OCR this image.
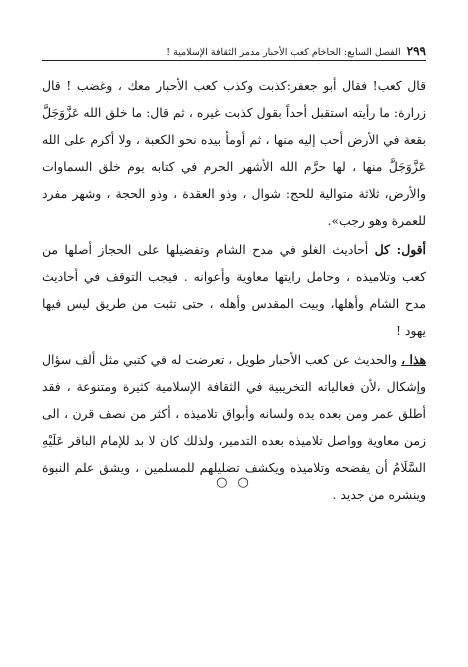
٢٩٩
الفصل السابع: الحاخام كعب الأحبار مدمر الثقافة الإسلامية !

قال كعب! فقال أبو جعفر:كذبت وكذب كعب الأحبار معك ، وغضب ! قال زرارة: ما رأيته استقبل أحداً بقول كذبت غيره ، ثم قال: ما خلق الله عَزَّوَجَلَّ بقعة في الأرض أحب إليه منها ، ثم أومأ بيده نحو الكعبة ، ولا أكرم على الله عَزَّوَجَلَّ منها ، لها حرَّم الله الأشهر الحرم في كتابه يوم خلق السماوات والأرض، ثلاثة متوالية للحج: شوال ، وذو العقدة ، وذو الحجة ، وشهر مفرد للعمرة وهو رجب».

أقول: كل أحاديث الغلو في مدح الشام وتفضيلها على الحجاز أصلها من كعب وتلاميذه ، وحامل رايتها معاوية وأعوانه . فيجب التوقف في أحاديث مدح الشام وأهلها، وبيت المقدس وأهله ، حتى تثبت من طريق ليس فيها يهود !

هذا ، والحديث عن كعب الأحبار طويل ، تعرضت له في كتبي مثل ألف سؤال وإشكال ،لأن فعالياته التخريبية في الثقافة الإسلامية كثيرة ومتنوعة ، فقد أطلق عمر ومن بعده يده ولسانه وأبواق تلاميذه ، أكثر من نصف قرن ، الى زمن معاوية وواصل تلاميذه بعده التدمير، ولذلك كان لا بد للإمام الباقر عَلَيْهِ السَّلَامُ أن يفضحه وتلاميذه ويكشف تضليلهم للمسلمين ، ويشق علم النبوة وينشره من جديد .

○ ○
